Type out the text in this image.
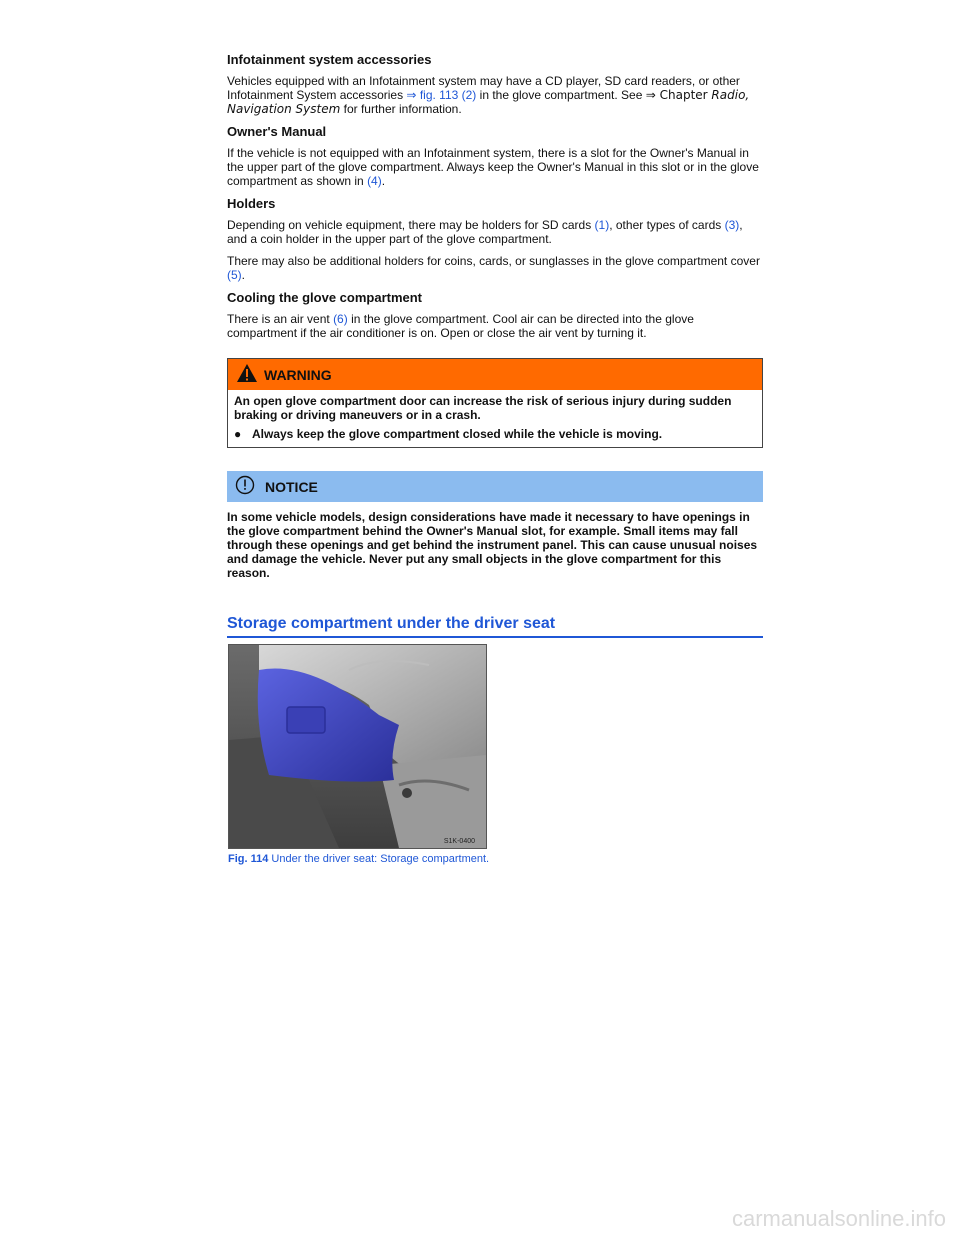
Infotainment system accessories

Vehicles equipped with an Infotainment system may have a CD player, SD card readers, or other Infotainment System accessories ⇒ fig. 113 (2) in the glove compartment. See ⇒ Chapter Radio, Navigation System for further information.

Owner's Manual

If the vehicle is not equipped with an Infotainment system, there is a slot for the Owner's Manual in the upper part of the glove compartment. Always keep the Owner's Manual in this slot or in the glove compartment as shown in (4).

Holders

Depending on vehicle equipment, there may be holders for SD cards (1), other types of cards (3), and a coin holder in the upper part of the glove compartment.

There may also be additional holders for coins, cards, or sunglasses in the glove compartment cover (5).

Cooling the glove compartment

There is an air vent (6) in the glove compartment. Cool air can be directed into the glove compartment if the air conditioner is on. Open or close the air vent by turning it.

WARNING
An open glove compartment door can increase the risk of serious injury during sudden braking or driving maneuvers or in a crash.
● Always keep the glove compartment closed while the vehicle is moving.
NOTICE
In some vehicle models, design considerations have made it necessary to have openings in the glove compartment behind the Owner's Manual slot, for example. Small items may fall through these openings and get behind the instrument panel. This can cause unusual noises and damage the vehicle. Never put any small objects in the glove compartment for this reason.
Storage compartment under the driver seat
S1K-0400
Fig. 114 Under the driver seat: Storage compartment.
carmanualsonline.info
